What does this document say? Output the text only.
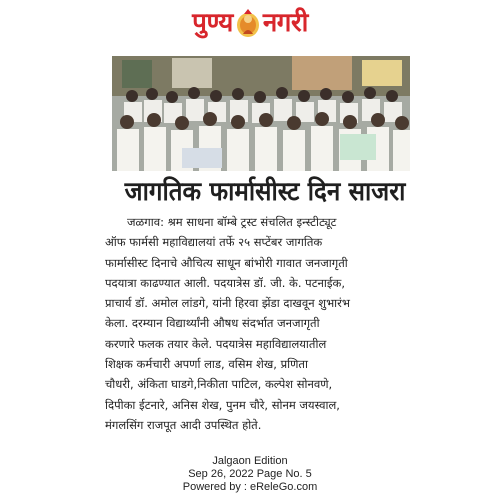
पुण्य नगरी
जागतिक फार्मासीस्ट दिन साजरा
जळगाव: श्रम साधना बॉम्बे ट्रस्ट संचलित इन्स्टीट्यूट
ऑफ फार्मसी महाविद्यालयां तर्फे २५ सप्टेंबर जागतिक
फार्मासीस्ट दिनाचे औचित्य साधून बांभोरी गावात जनजागृती
पदयात्रा काढण्यात आली. पदयात्रेस डॉ. जी. के. पटनाईक,
प्राचार्य डॉ. अमोल लांडगे, यांनी हिरवा झेंडा दाखवून शुभारंभ
केला. दरम्यान विद्यार्थ्यांनी औषध संदर्भात जनजागृती
करणारे फलक तयार केले. पदयात्रेस महाविद्यालयातील
शिक्षक कर्मचारी अपर्णा लाड, वसिम शेख, प्रणिता
चौधरी, अंकिता घाडगे,निकीता पाटिल, कल्पेश सोनवणे,
दिपीका ईटनारे, अनिस शेख, पुनम चौरे, सोनम जयस्वाल,
मंगलसिंग राजपूत आदी उपस्थित होते.
Jalgaon Edition
Sep 26, 2022 Page No. 5
Powered by : eReleGo.com
